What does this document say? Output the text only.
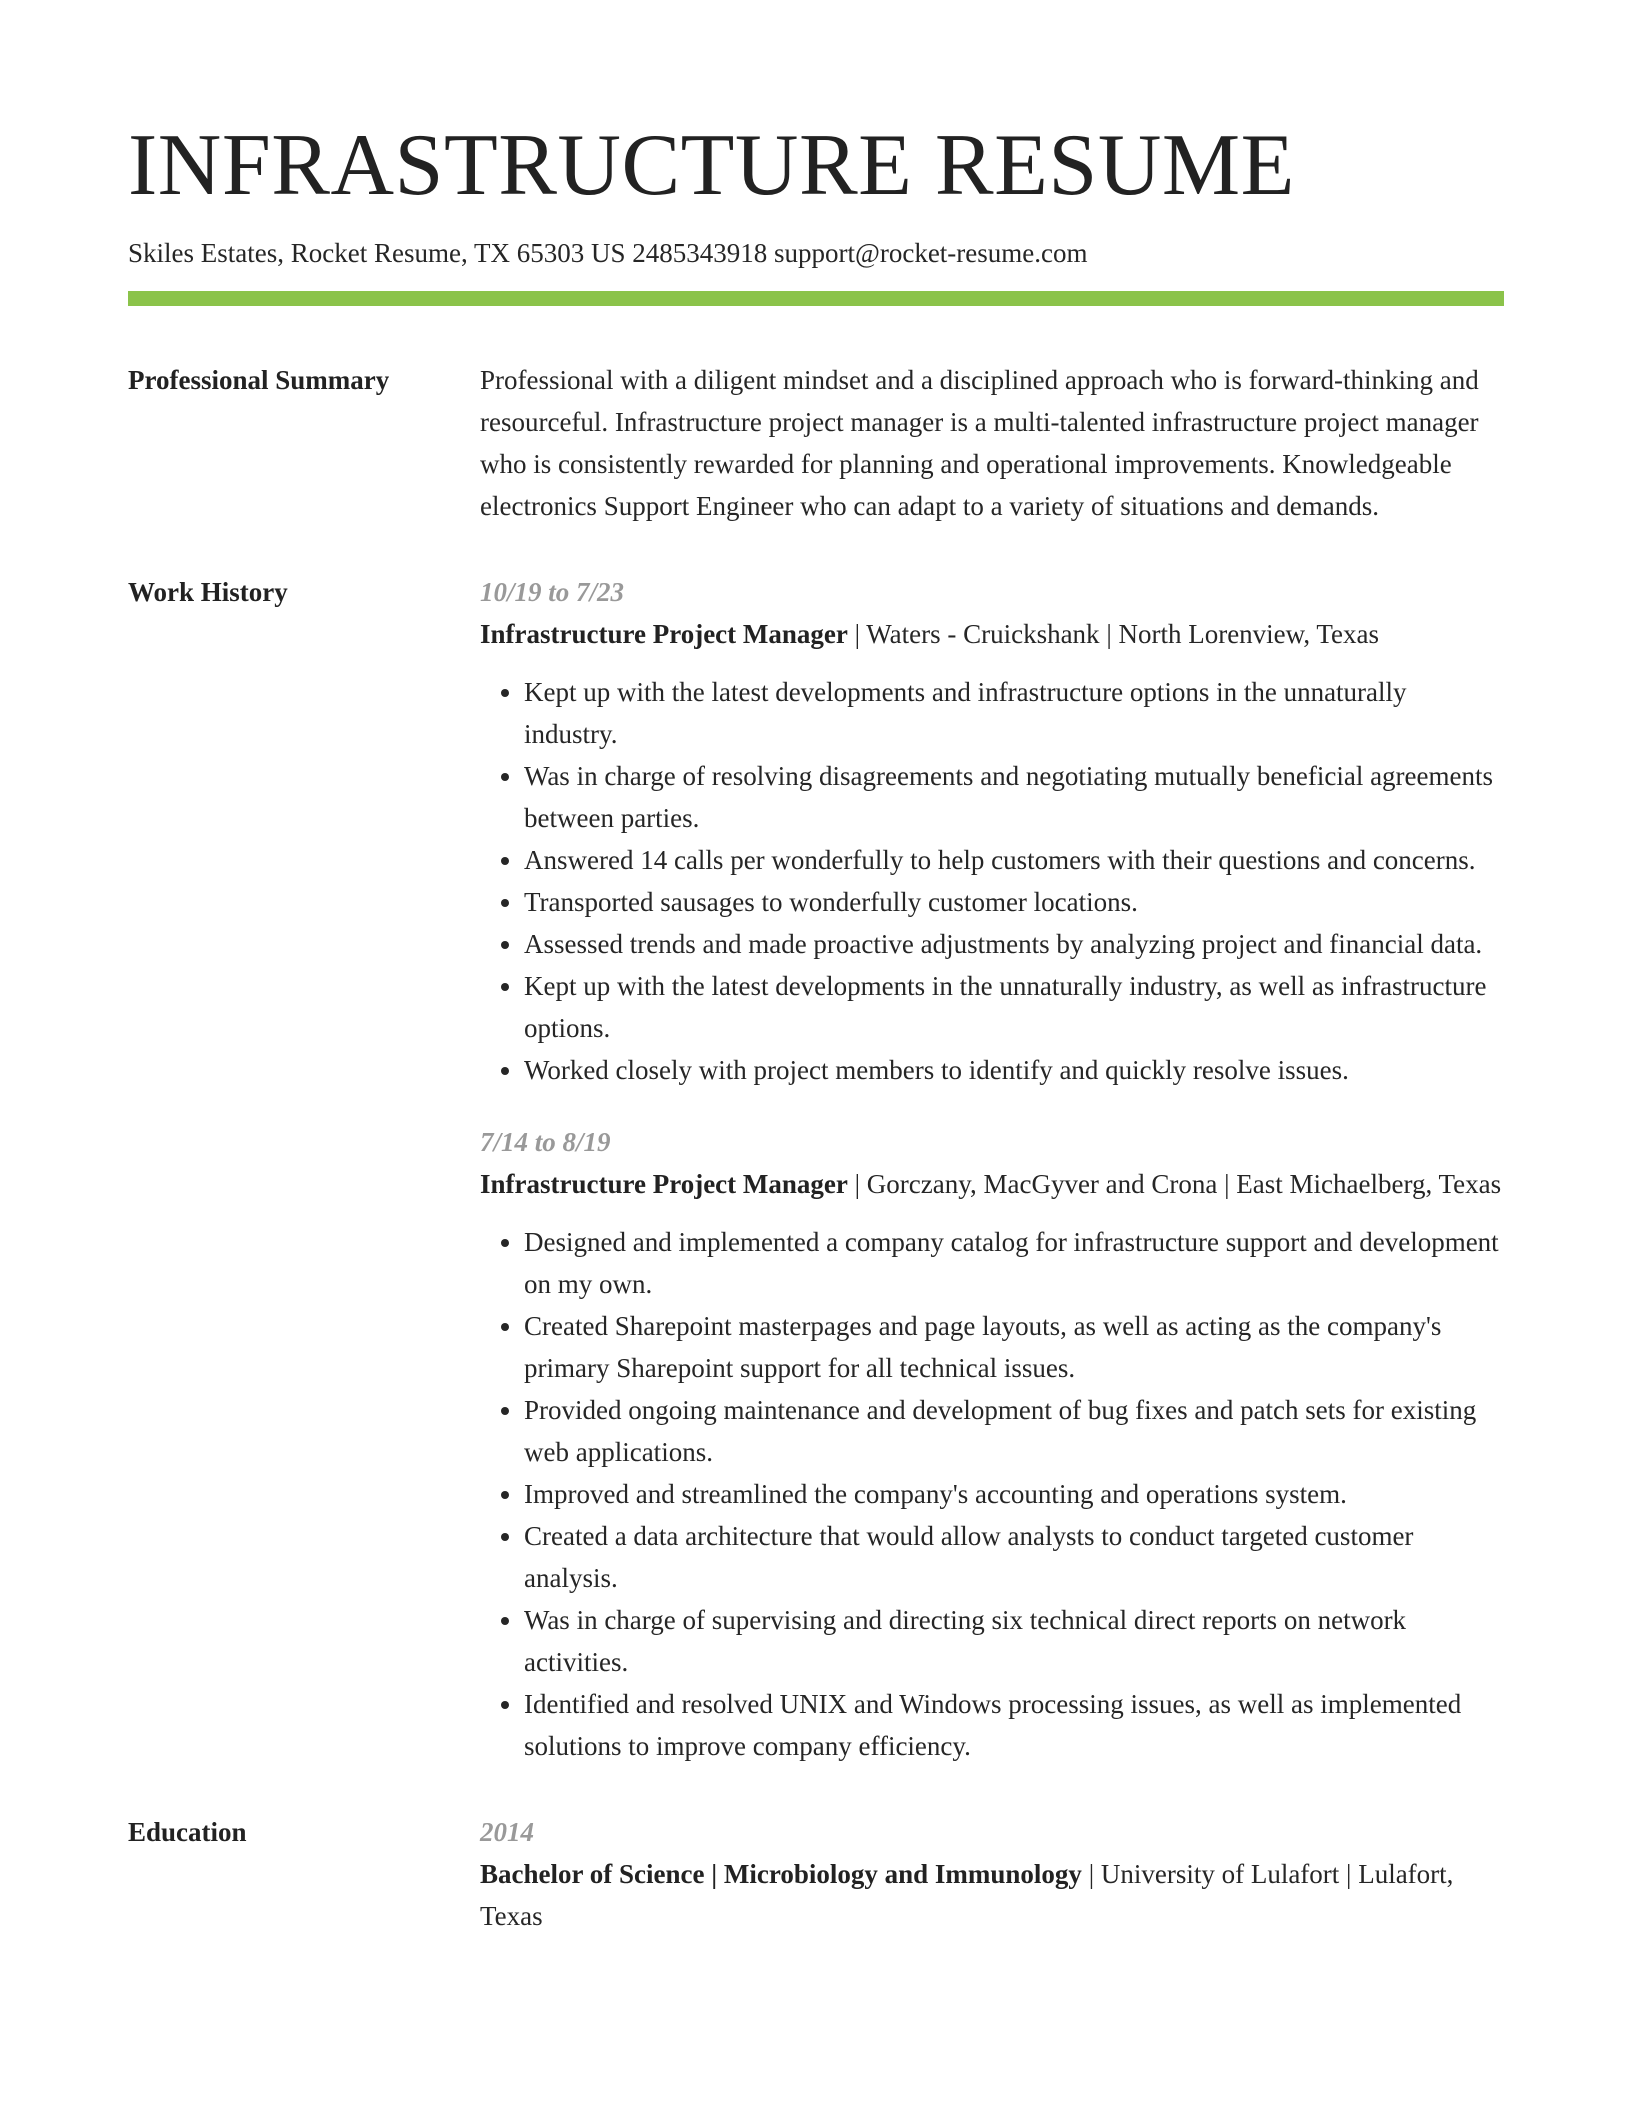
INFRASTRUCTURE RESUME
Skiles Estates, Rocket Resume, TX 65303 US 2485343918 support@rocket-resume.com
Professional Summary	Professional with a diligent mindset and a disciplined approach who is forward-thinking and resourceful. Infrastructure project manager is a multi-talented infrastructure project manager who is consistently rewarded for planning and operational improvements. Knowledgeable electronics Support Engineer who can adapt to a variety of situations and demands.

Work History	10/19 to 7/23
Infrastructure Project Manager | Waters - Cruickshank | North Lorenview, Texas
• Kept up with the latest developments and infrastructure options in the unnaturally industry.
• Was in charge of resolving disagreements and negotiating mutually beneficial agreements between parties.
• Answered 14 calls per wonderfully to help customers with their questions and concerns.
• Transported sausages to wonderfully customer locations.
• Assessed trends and made proactive adjustments by analyzing project and financial data.
• Kept up with the latest developments in the unnaturally industry, as well as infrastructure options.
• Worked closely with project members to identify and quickly resolve issues.
7/14 to 8/19
Infrastructure Project Manager | Gorczany, MacGyver and Crona | East Michaelberg, Texas
• Designed and implemented a company catalog for infrastructure support and development on my own.
• Created Sharepoint masterpages and page layouts, as well as acting as the company's primary Sharepoint support for all technical issues.
• Provided ongoing maintenance and development of bug fixes and patch sets for existing web applications.
• Improved and streamlined the company's accounting and operations system.
• Created a data architecture that would allow analysts to conduct targeted customer analysis.
• Was in charge of supervising and directing six technical direct reports on network activities.
• Identified and resolved UNIX and Windows processing issues, as well as implemented solutions to improve company efficiency.
Education	2014
Bachelor of Science | Microbiology and Immunology | University of Lulafort | Lulafort, Texas
